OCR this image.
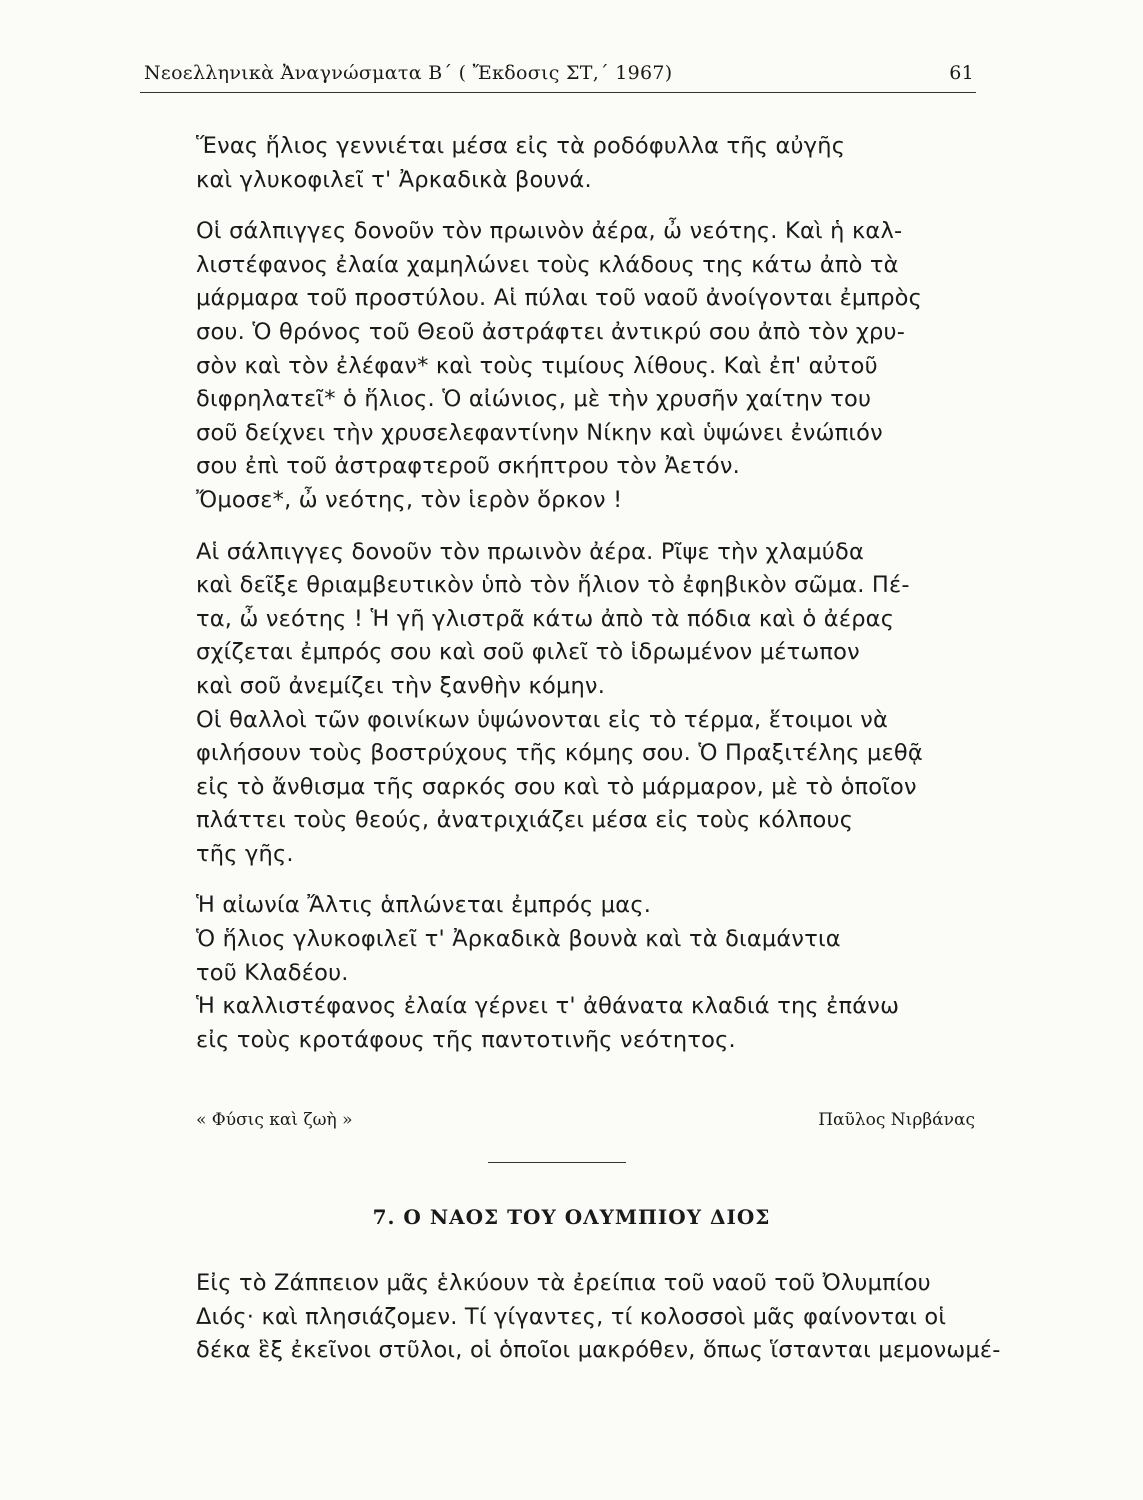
Νεοελληνικὰ Ἀναγνώσματα Β΄ ( Ἔκδοσις ΣΤ,΄ 1967)	61

Ἕνας ἥλιος γεννιέται μέσα εἰς τὰ ροδόφυλλα τῆς αὐγῆς

καὶ γλυκοφιλεῖ τ' Ἀρκαδικὰ βουνά.

Οἱ σάλπιγγες δονοῦν τὸν πρωινὸν ἀέρα, ὦ νεότης. Καὶ ἡ καλ-

λιστέφανος ἐλαία χαμηλώνει τοὺς κλάδους της κάτω ἀπὸ τὰ

μάρμαρα τοῦ προστύλου. Αἱ πύλαι τοῦ ναοῦ ἀνοίγονται ἐμπρὸς

σου. Ὁ θρόνος τοῦ Θεοῦ ἀστράφτει ἀντικρύ σου ἀπὸ τὸν χρυ-

σὸν καὶ τὸν ἐλέφαν* καὶ τοὺς τιμίους λίθους. Καὶ ἐπ' αὐτοῦ

διφρηλατεῖ* ὁ ἥλιος. Ὁ αἰώνιος, μὲ τὴν χρυσῆν χαίτην του

σοῦ δείχνει τὴν χρυσελεφαντίνην Νίκην καὶ ὑψώνει ἐνώπιόν

σου ἐπὶ τοῦ ἀστραφτεροῦ σκήπτρου τὸν Ἀετόν.

Ὄμοσε*, ὦ νεότης, τὸν ἱερὸν ὅρκον !

Αἱ σάλπιγγες δονοῦν τὸν πρωινὸν ἀέρα. Ρῖψε τὴν χλαμύδα

καὶ δεῖξε θριαμβευτικὸν ὑπὸ τὸν ἥλιον τὸ ἐφηβικὸν σῶμα. Πέ-

τα, ὦ νεότης ! Ἡ γῆ γλιστρᾶ κάτω ἀπὸ τὰ πόδια καὶ ὁ ἀέρας

σχίζεται ἐμπρός σου καὶ σοῦ φιλεῖ τὸ ἱδρωμένον μέτωπον

καὶ σοῦ ἀνεμίζει τὴν ξανθὴν κόμην.

Οἱ θαλλοὶ τῶν φοινίκων ὑψώνονται εἰς τὸ τέρμα, ἕτοιμοι νὰ

φιλήσουν τοὺς βοστρύχους τῆς κόμης σου. Ὁ Πραξιτέλης μεθᾷ

εἰς τὸ ἄνθισμα τῆς σαρκός σου καὶ τὸ μάρμαρον, μὲ τὸ ὁποῖον

πλάττει τοὺς θεούς, ἀνατριχιάζει μέσα εἰς τοὺς κόλπους

τῆς γῆς.

Ἡ αἰωνία Ἄλτις ἁπλώνεται ἐμπρός μας.

Ὁ ἥλιος γλυκοφιλεῖ τ' Ἀρκαδικὰ βουνὰ καὶ τὰ διαμάντια

τοῦ Κλαδέου.

Ἡ καλλιστέφανος ἐλαία γέρνει τ' ἀθάνατα κλαδιά της ἐπάνω

εἰς τοὺς κροτάφους τῆς παντοτινῆς νεότητος.

« Φύσις καὶ ζωὴ »	Παῦλος Νιρβάνας
7. Ο ΝΑΟΣ ΤΟΥ ΟΛΥΜΠΙΟΥ ΔΙΟΣ

Εἰς τὸ Ζάππειον μᾶς ἑλκύουν τὰ ἐρείπια τοῦ ναοῦ τοῦ Ὀλυμπίου

Διός· καὶ πλησιάζομεν. Τί γίγαντες, τί κολοσσοὶ μᾶς φαίνονται οἱ

δέκα ἓξ ἐκεῖνοι στῦλοι, οἱ ὁποῖοι μακρόθεν, ὅπως ἵστανται μεμονωμέ-
